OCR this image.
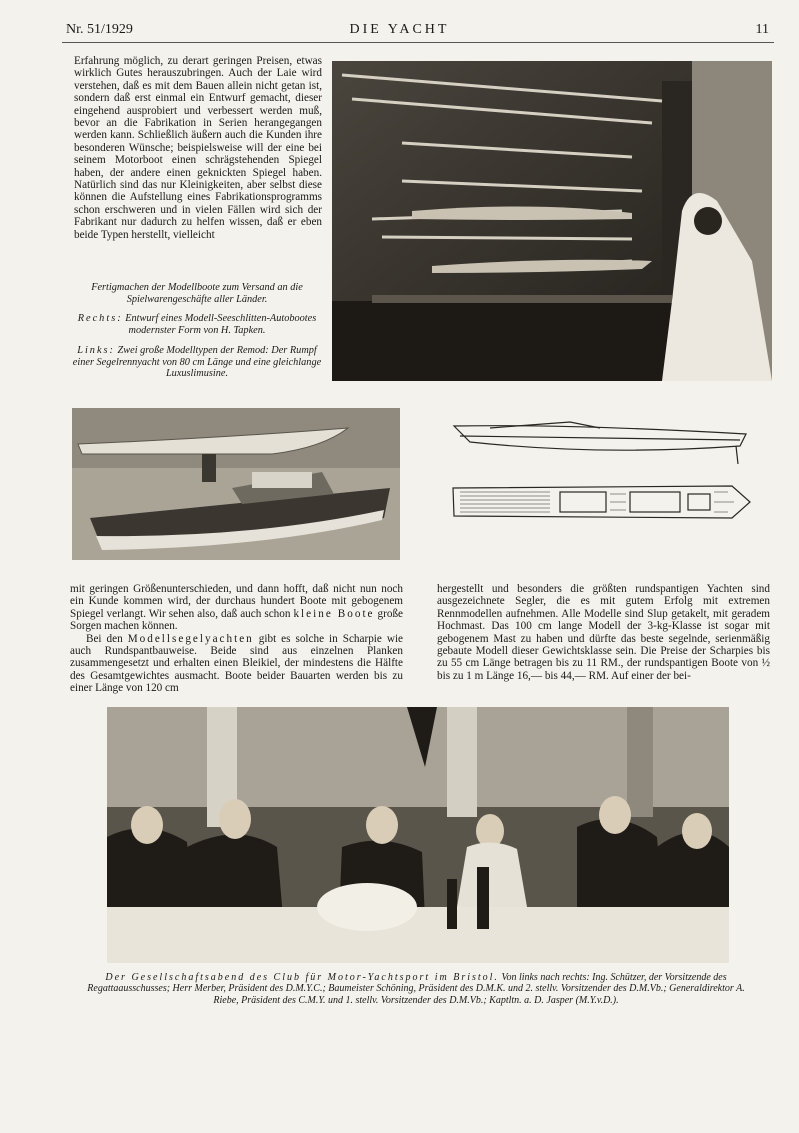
Nr. 51/1929	DIE YACHT	11

Erfahrung möglich, zu derart geringen Preisen, etwas wirklich Gutes herauszubringen. Auch der Laie wird verstehen, daß es mit dem Bauen allein nicht getan ist, sondern daß erst einmal ein Entwurf gemacht, dieser eingehend ausprobiert und verbessert werden muß, bevor an die Fabrikation in Serien herangegangen werden kann. Schließlich äußern auch die Kunden ihre besonderen Wünsche; beispielsweise will der eine bei seinem Motorboot einen schrägstehenden Spiegel haben, der andere einen geknickten Spiegel haben. Natürlich sind das nur Kleinigkeiten, aber selbst diese können die Aufstellung eines Fabrikationsprogramms schon erschweren und in vielen Fällen wird sich der Fabrikant nur dadurch zu helfen wissen, daß er eben beide Typen herstellt, vielleicht

Fertigmachen der Modellboote zum Versand an die Spielwarengeschäfte aller Länder.

Rechts: Entwurf eines Modell-Seeschlitten-Autobootes modernster Form von H. Tapken.

Links: Zwei große Modelltypen der Remod: Der Rumpf einer Segelrennyacht von 80 cm Länge und eine gleichlange Luxuslimusine.

mit geringen Größenunterschieden, und dann hofft, daß nicht nun noch ein Kunde kommen wird, der durchaus hundert Boote mit gebogenem Spiegel verlangt. Wir sehen also, daß auch schon kleine Boote große Sorgen machen können.
Bei den Modellsegelyachten gibt es solche in Scharpie wie auch Rundspantbauweise. Beide sind aus einzelnen Planken zusammengesetzt und erhalten einen Bleikiel, der mindestens die Hälfte des Gesamtgewichtes ausmacht. Boote beider Bauarten werden bis zu einer Länge von 120 cm

hergestellt und besonders die größten rundspantigen Yachten sind ausgezeichnete Segler, die es mit gutem Erfolg mit extremen Rennmodellen aufnehmen. Alle Modelle sind Slup getakelt, mit geradem Hochmast. Das 100 cm lange Modell der 3-kg-Klasse ist sogar mit gebogenem Mast zu haben und dürfte das beste segelnde, serienmäßig gebaute Modell dieser Gewichtsklasse sein. Die Preise der Scharpies bis zu 55 cm Länge betragen bis zu 11 RM., der rundspantigen Boote von ½ bis zu 1 m Länge 16,— bis 44,— RM. Auf einer der bei-

Der Gesellschaftsabend des Club für Motor-Yachtsport im Bristol. Von links nach rechts: Ing. Schützer, der Vorsitzende des Regattaausschusses; Herr Merber, Präsident des D.M.Y.C.; Baumeister Schöning, Präsident des D.M.K. und 2. stellv. Vorsitzender des D.M.Vb.; Generaldirektor A. Riebe, Präsident des C.M.Y. und 1. stellv. Vorsitzender des D.M.Vb.; Kaptltn. a. D. Jasper (M.Y.v.D.).
